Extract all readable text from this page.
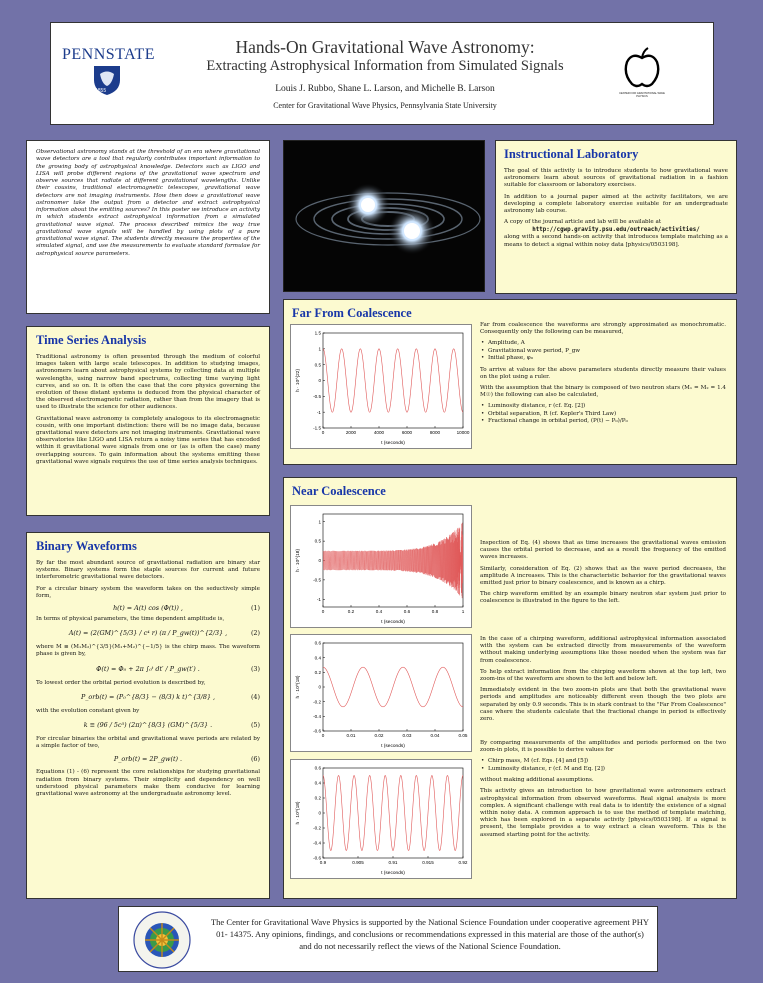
PENNSTATE
1855
Hands-On Gravitational Wave Astronomy:
Extracting Astrophysical Information from Simulated Signals
Louis J. Rubbo, Shane L. Larson, and Michelle B. Larson
Center for Gravitational Wave Physics, Pennsylvania State University
CENTER FOR GRAVITATIONAL WAVE PHYSICS

Observational astronomy stands at the threshold of an era where gravitational wave detectors are a tool that regularly contributes important information to the growing body of astrophysical knowledge. Detectors such as LIGO and LISA will probe different regions of the gravitational wave spectrum and observe sources that radiate at different gravitational wavelengths. Unlike their cousins, traditional electromagnetic telescopes, gravitational wave detectors are not imaging instruments. How then does a gravitational wave astronomer take the output from a detector and extract astrophysical information about the emitting sources? In this poster we introduce an activity in which students extract astrophysical information from a simulated gravitational wave signal. The process described mimics the way true gravitational wave signals will be handled by using plots of a pure gravitational wave signal. The students directly measure the properties of the simulated signal, and use the measurements to evaluate standard formulae for astrophysical source parameters.

Instructional Laboratory

The goal of this activity is to introduce students to how gravitational wave astronomers learn about sources of gravitational radiation in a fashion suitable for classroom or laboratory exercises.

In addition to a journal paper aimed at the activity facilitators, we are developing a complete laboratory exercise suitable for an undergraduate astronomy lab course.

A copy of the journal article and lab will be available at

http://cgwp.gravity.psu.edu/outreach/activities/

along with a second hands-on activity that introduces template matching as a means to detect a signal within noisy data [physics/0503198].

Time Series Analysis

Traditional astronomy is often presented through the medium of colorful images taken with large scale telescopes. In addition to studying images, astronomers learn about astrophysical systems by collecting data at multiple wavelengths, using narrow band spectrums, collecting time varying light curves, and so on. It is often the case that the core physics governing the evolution of these distant systems is deduced from the physical character of the observed electromagnetic radiation, rather than from the imagery that is used to illustrate the science for other audiences.

Gravitational wave astronomy is completely analogous to its electromagnetic cousin, with one important distinction: there will be no image data, because gravitational wave detectors are not imaging instruments. Gravitational wave observatories like LIGO and LISA return a noisy time series that has encoded within it gravitational wave signals from one or (as is often the case) many overlapping sources. To gain information about the systems emitting these gravitational wave signals requires the use of time series analysis techniques.

Binary Waveforms

By far the most abundant source of gravitational radiation are binary star systems. Binary systems form the staple sources for current and future interferometric gravitational wave detectors.

For a circular binary system the waveform takes on the seductively simple form,

h(t) = A(t) cos (Φ(t)) ,	(1)

In terms of physical parameters, the time dependent amplitude is,

A(t) = (2(GM)^{5/3} / c⁴ r) (π / P_gw(t))^{2/3} ,	(2)

where M ≡ (M₁M₂)^{3/5}(M₁+M₂)^{−1/5} is the chirp mass. The waveform phase is given by,

Φ(t) = Φ₀ + 2π ∫₀ᵗ dt′ / P_gw(t′) .	(3)

To lowest order the orbital period evolution is described by,

P_orb(t) = (P₀^{8/3} − (8/3) k t)^{3/8} ,	(4)

with the evolution constant given by

k ≡ (96 / 5c⁵) (2π)^{8/3} (GM)^{5/3} .	(5)

For circular binaries the orbital and gravitational wave periods are related by a simple factor of two,

P_orb(t) = 2P_gw(t) .	(6)

Equations (1) - (6) represent the core relationships for studying gravitational radiation from binary systems. Their simplicity and dependency on well understood physical parameters make them conducive for learning gravitational wave astronomy at the undergraduate astronomy level.

Far From Coalescence

Far from coalescence the waveforms are strongly approximated as monochromatic. Consequently only the following can be measured,

• Amplitude, A
• Gravitational wave period, P_gw
• Initial phase, φ₀

To arrive at values for the above parameters students directly measure their values on the plot using a ruler.

With the assumption that the binary is composed of two neutron stars (M₁ = M₂ = 1.4 M☉) the following can also be calculated,

• Luminosity distance, r (cf. Eq. [2])
• Orbital separation, R (cf. Kepler's Third Law)
• Fractional change in orbital period, (P(t) − P₀)/P₀
0	2000	4000	6000	8000	10000
1.5
1
0.5
0
-0.5
-1
-1.5
t (seconds)
h · 10^{22}
Near Coalescence

Inspection of Eq. (4) shows that as time increases the gravitational waves emission causes the orbital period to decrease, and as a result the frequency of the emitted waves increases.

Similarly, consideration of Eq. (2) shows that as the wave period decreases, the amplitude A increases. This is the characteristic behavior for the gravitational waves emitted just prior to binary coalescence, and is known as a chirp.

The chirp waveform emitted by an example binary neutron star system just prior to coalescence is illustrated in the figure to the left.

In the case of a chirping waveform, additional astrophysical information associated with the system can be extracted directly from measurements of the waveform without making underlying assumptions like those needed when the system was far from coalescence.

To help extract information from the chirping waveform shown at the top left, two zoom-ins of the waveform are shown to the left and below left.

Immediately evident in the two zoom-in plots are that both the gravitational wave periods and amplitudes are noticeably different even though the two plots are separated by only 0.9 seconds. This is in stark contrast to the "Far From Coalescence" case where the students calculate that the fractional change in period is effectively zero.

By comparing measurements of the amplitudes and periods performed on the two zoom-in plots, it is possible to derive values for

• Chirp mass, M (cf. Eqs. [4] and [5])
• Luminosity distance, r (cf. M and Eq. [2])

without making additional assumptions.

This activity gives an introduction to how gravitational wave astronomers extract astrophysical information from observed waveforms. Real signal analysis is more complex. A significant challenge with real data is to identify the existence of a signal within noisy data. A common approach is to use the method of template matching, which has been explored in a separate activity [physics/0503198]. If a signal is present, the template provides a to way extract a clean waveform. This is the assumed starting point for the activity.

0	0.2	0.4	0.6	0.8	1
1
0.5
0
-0.5
-1
t (seconds)
h · 10^{18}
0	0.01	0.02	0.03	0.04	0.05
0.6
0.4
0.2
0
-0.2
-0.4
-0.6
t (seconds)
h · 10^{18}
0.9	0.905	0.91	0.915	0.92
0.6
0.4
0.2
0
-0.2
-0.4
-0.6
t (seconds)
h · 10^{18}
The Center for Gravitational Wave Physics is supported by the National Science Foundation under cooperative agreement PHY 01- 14375. Any opinions, findings, and conclusions or recommendations expressed in this material are those of the author(s) and do not necessarily reflect the views of the National Science Foundation.
